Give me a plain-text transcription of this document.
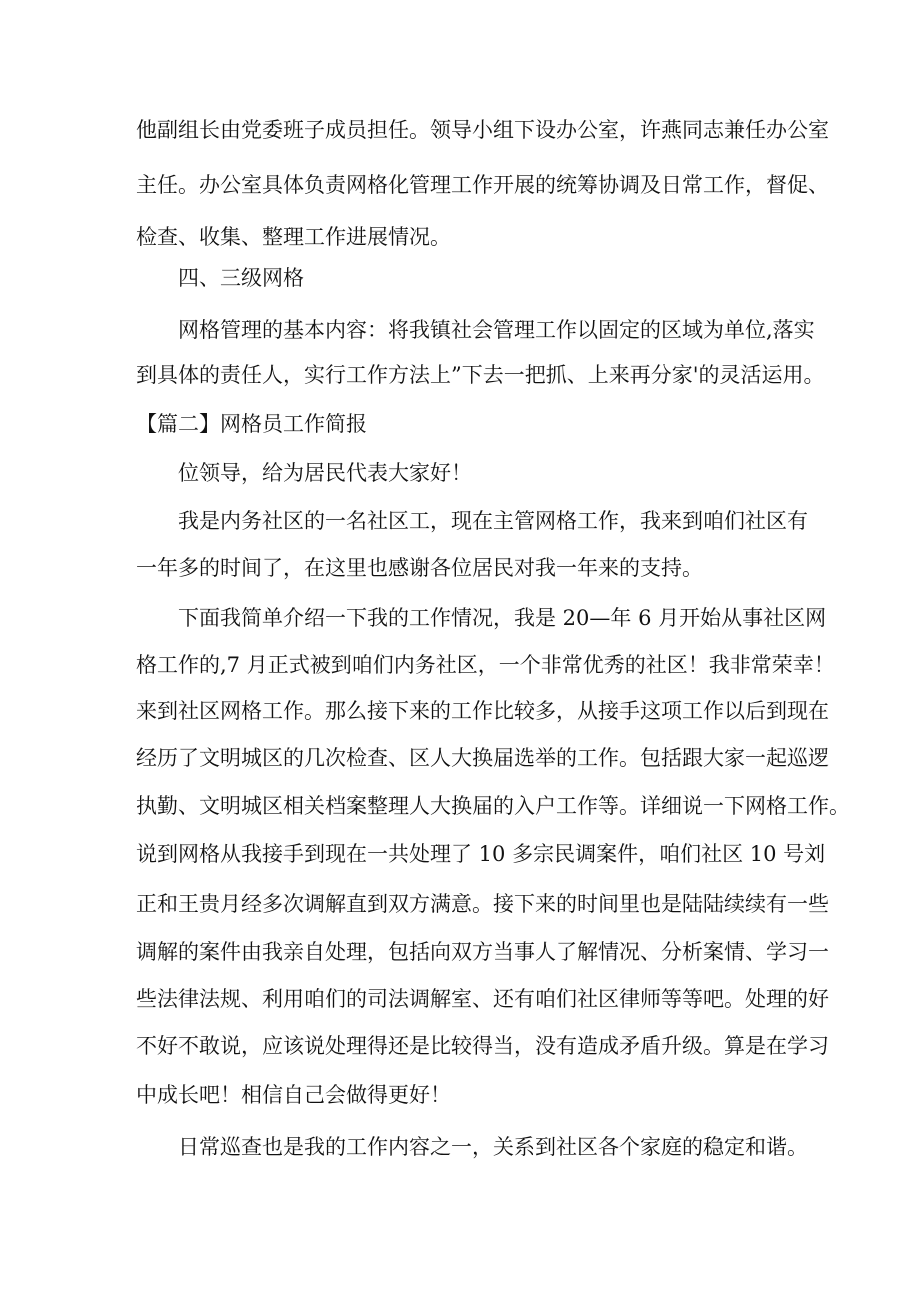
他副组长由党委班子成员担任。领导小组下设办公室，许燕同志兼任办公室
主任。办公室具体负责网格化管理工作开展的统筹协调及日常工作，督促、
检查、收集、整理工作进展情况。
四、三级网格
网格管理的基本内容：将我镇社会管理工作以固定的区域为单位,落实
到具体的责任人，实行工作方法上”下去一把抓、上来再分家'的灵活运用。
【篇二】网格员工作简报
位领导，给为居民代表大家好！
我是内务社区的一名社区工，现在主管网格工作，我来到咱们社区有
一年多的时间了，在这里也感谢各位居民对我一年来的支持。
下面我简单介绍一下我的工作情况，我是 20—年 6 月开始从事社区网
格工作的,7 月正式被到咱们内务社区，一个非常优秀的社区！我非常荣幸！
来到社区网格工作。那么接下来的工作比较多，从接手这项工作以后到现在
经历了文明城区的几次检查、区人大换届选举的工作。包括跟大家一起巡逻
执勤、文明城区相关档案整理人大换届的入户工作等。详细说一下网格工作。
说到网格从我接手到现在一共处理了 10 多宗民调案件，咱们社区 10 号刘
正和王贵月经多次调解直到双方满意。接下来的时间里也是陆陆续续有一些
调解的案件由我亲自处理，包括向双方当事人了解情况、分析案情、学习一
些法律法规、利用咱们的司法调解室、还有咱们社区律师等等吧。处理的好
不好不敢说，应该说处理得还是比较得当，没有造成矛盾升级。算是在学习
中成长吧！相信自己会做得更好！
日常巡查也是我的工作内容之一，关系到社区各个家庭的稳定和谐。
